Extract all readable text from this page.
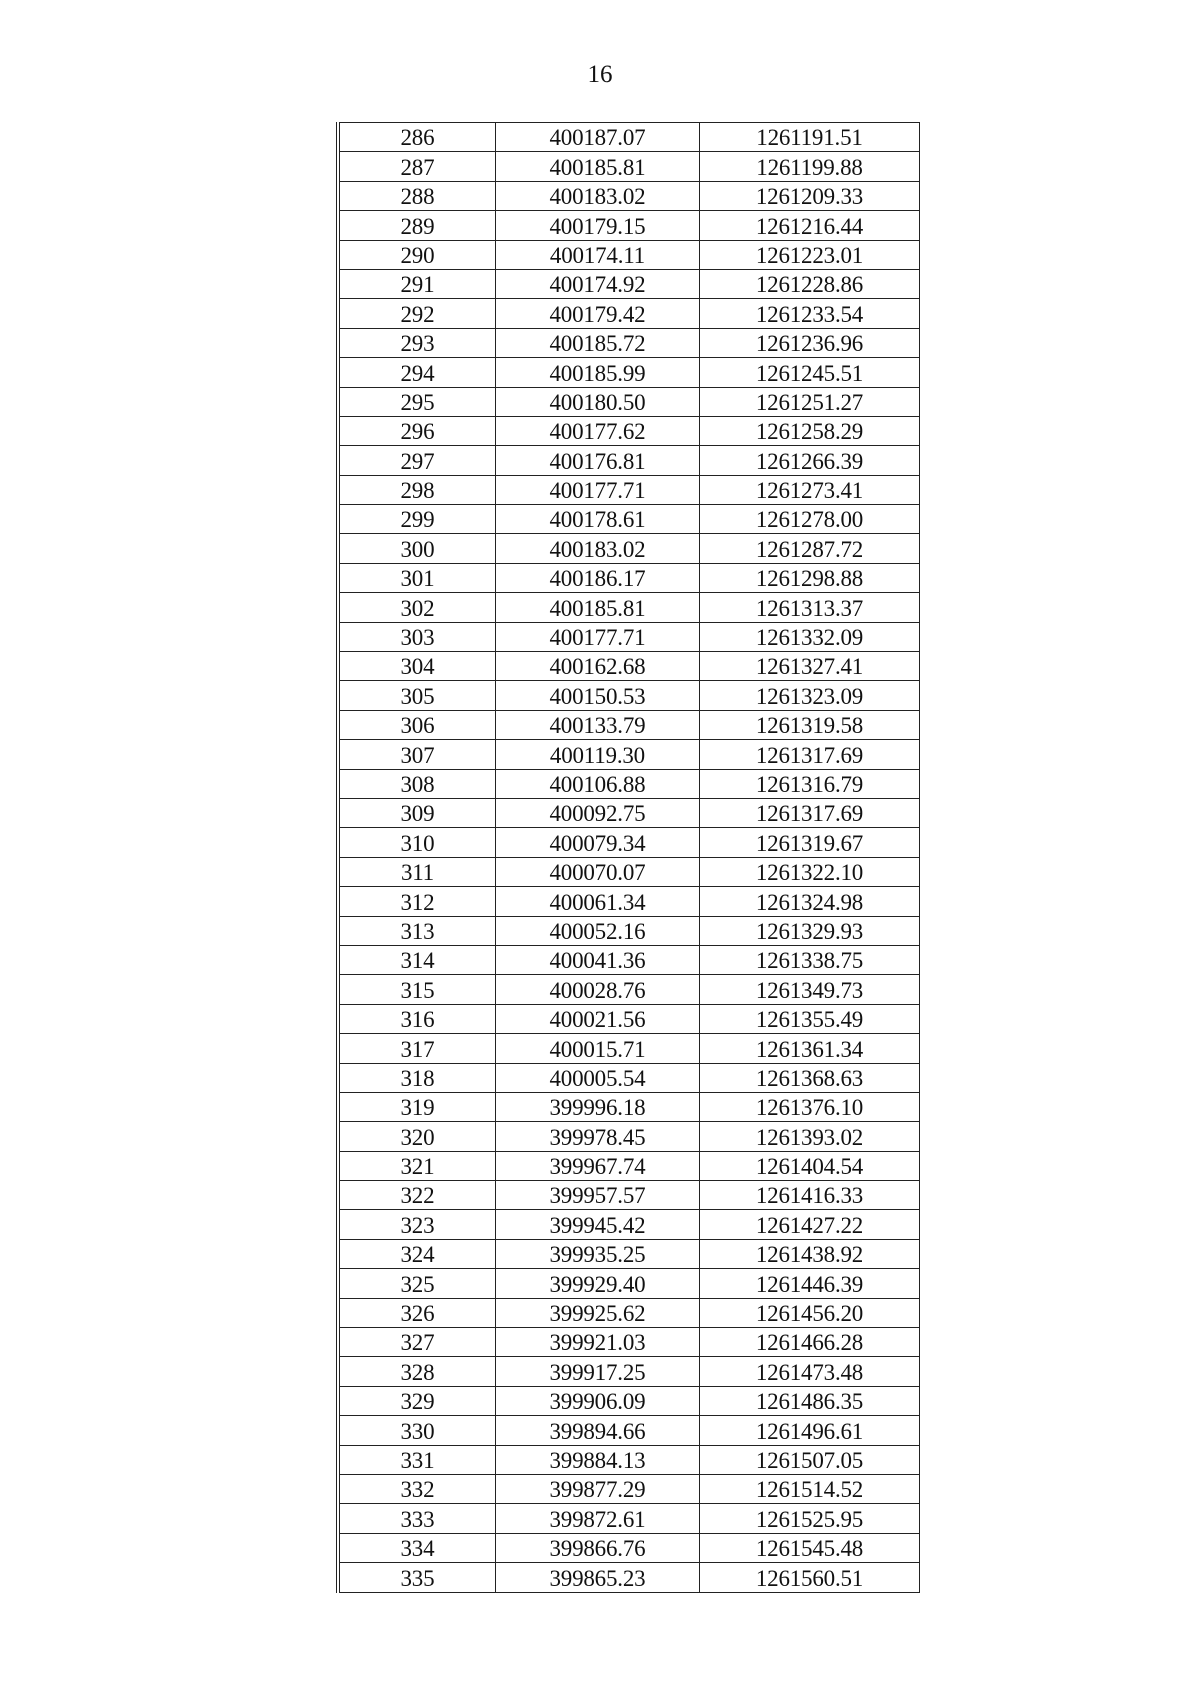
16
286	400187.07	1261191.51
287	400185.81	1261199.88
288	400183.02	1261209.33
289	400179.15	1261216.44
290	400174.11	1261223.01
291	400174.92	1261228.86
292	400179.42	1261233.54
293	400185.72	1261236.96
294	400185.99	1261245.51
295	400180.50	1261251.27
296	400177.62	1261258.29
297	400176.81	1261266.39
298	400177.71	1261273.41
299	400178.61	1261278.00
300	400183.02	1261287.72
301	400186.17	1261298.88
302	400185.81	1261313.37
303	400177.71	1261332.09
304	400162.68	1261327.41
305	400150.53	1261323.09
306	400133.79	1261319.58
307	400119.30	1261317.69
308	400106.88	1261316.79
309	400092.75	1261317.69
310	400079.34	1261319.67
311	400070.07	1261322.10
312	400061.34	1261324.98
313	400052.16	1261329.93
314	400041.36	1261338.75
315	400028.76	1261349.73
316	400021.56	1261355.49
317	400015.71	1261361.34
318	400005.54	1261368.63
319	399996.18	1261376.10
320	399978.45	1261393.02
321	399967.74	1261404.54
322	399957.57	1261416.33
323	399945.42	1261427.22
324	399935.25	1261438.92
325	399929.40	1261446.39
326	399925.62	1261456.20
327	399921.03	1261466.28
328	399917.25	1261473.48
329	399906.09	1261486.35
330	399894.66	1261496.61
331	399884.13	1261507.05
332	399877.29	1261514.52
333	399872.61	1261525.95
334	399866.76	1261545.48
335	399865.23	1261560.51
